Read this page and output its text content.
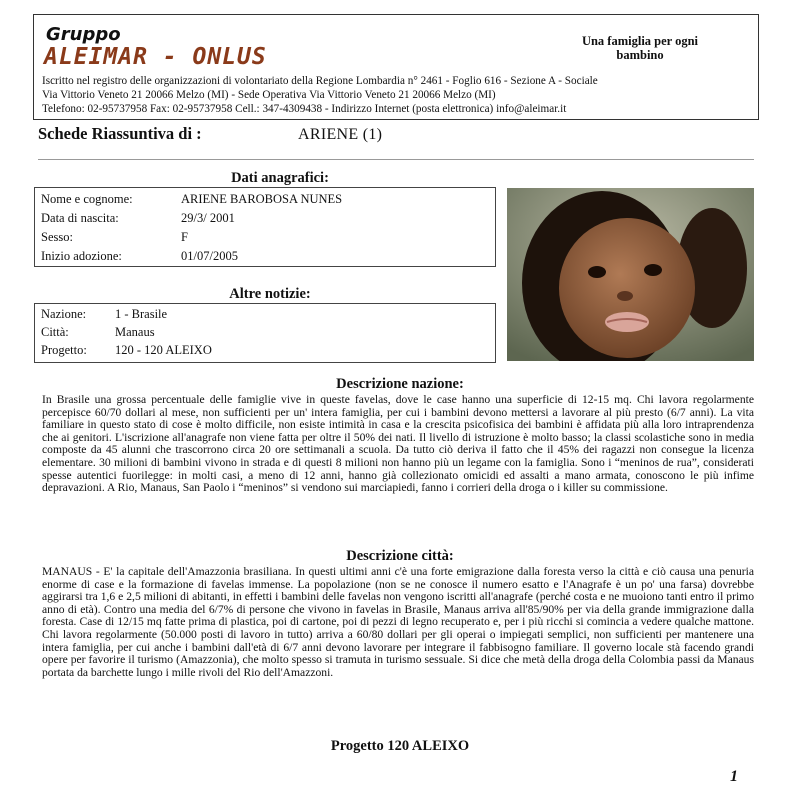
Gruppo
ALEIMAR - ONLUS
Una famiglia per ogni bambino
Iscritto nel registro delle organizzazioni di volontariato della Regione Lombardia n° 2461 - Foglio 616 - Sezione A - Sociale
Via Vittorio Veneto 21 20066 Melzo (MI) - Sede Operativa Via Vittorio Veneto 21 20066 Melzo (MI)
Telefono: 02-95737958 Fax: 02-95737958 Cell.: 347-4309438 - Indirizzo Internet (posta elettronica) info@aleimar.it
Schede Riassuntiva di :	ARIENE (1)
Dati anagrafici:
Nome e cognome:	ARIENE BAROBOSA NUNES
Data di nascita:	29/3/ 2001
Sesso:	F
Inizio adozione:	01/07/2005
Altre notizie:
Nazione: 1 - Brasile
Città:	Manaus
Progetto: 120 - 120 ALEIXO
Descrizione nazione:
In Brasile una grossa percentuale delle famiglie vive in queste favelas, dove le case hanno una superficie di 12-15 mq. Chi lavora regolarmente percepisce 60/70 dollari al mese, non sufficienti per un' intera famiglia, per cui i bambini devono mettersi a lavorare al più presto (6/7 anni). La vita familiare in questo stato di cose è molto difficile, non esiste intimità in casa e la crescita psicofisica dei bambini è affidata più alla loro intraprendenza che ai genitori. L'iscrizione all'anagrafe non viene fatta per oltre il 50% dei nati. Il livello di istruzione è molto basso; la classi scolastiche sono in media composte da 45 alunni che trascorrono circa 20 ore settimanali a scuola. Da tutto ciò deriva il fatto che il 45% dei ragazzi non consegue la licenza elementare. 30 milioni di bambini vivono in strada e di questi 8 milioni non hanno più un legame con la famiglia. Sono i “meninos de rua”, considerati spesse autentici fuorilegge: in molti casi, a meno di 12 anni, hanno già collezionato omicidi ed assalti a mano armata, conoscono le più infime depravazioni. A Rio, Manaus, San Paolo i “meninos” si vendono sui marciapiedi, fanno i corrieri della droga o i killer su commissione.
Descrizione città:
MANAUS - E' la capitale dell'Amazzonia brasiliana. In questi ultimi anni c'è una forte emigrazione dalla foresta verso la città e ciò causa una penuria enorme di case e la formazione di favelas immense. La popolazione (non se ne conosce il numero esatto e l'Anagrafe è un po' una farsa) dovrebbe aggirarsi tra 1,6 e 2,5 milioni di abitanti, in effetti i bambini delle favelas non vengono iscritti all'anagrafe (perché costa e ne muoiono tanti entro il primo anno di età). Contro una media del 6/7% di persone che vivono in favelas in Brasile, Manaus arriva all'85/90% per via della grande immigrazione dalla foresta. Case di 12/15 mq fatte prima di plastica, poi di cartone, poi di pezzi di legno recuperato e, per i più ricchi si comincia a vedere qualche mattone. Chi lavora regolarmente (50.000 posti di lavoro in tutto) arriva a 60/80 dollari per gli operai o impiegati semplici, non sufficienti per mantenere una intera famiglia, per cui anche i bambini dall'età di 6/7 anni devono lavorare per integrare il fabbisogno familiare. Il governo locale stà facendo grandi opere per favorire il turismo (Amazzonia), che molto spesso si tramuta in turismo sessuale. Si dice che metà della droga della Colombia passi da Manaus portata da barchette lungo i mille rivoli del Rio dell'Amazzoni.
Progetto 120 ALEIXO
1
